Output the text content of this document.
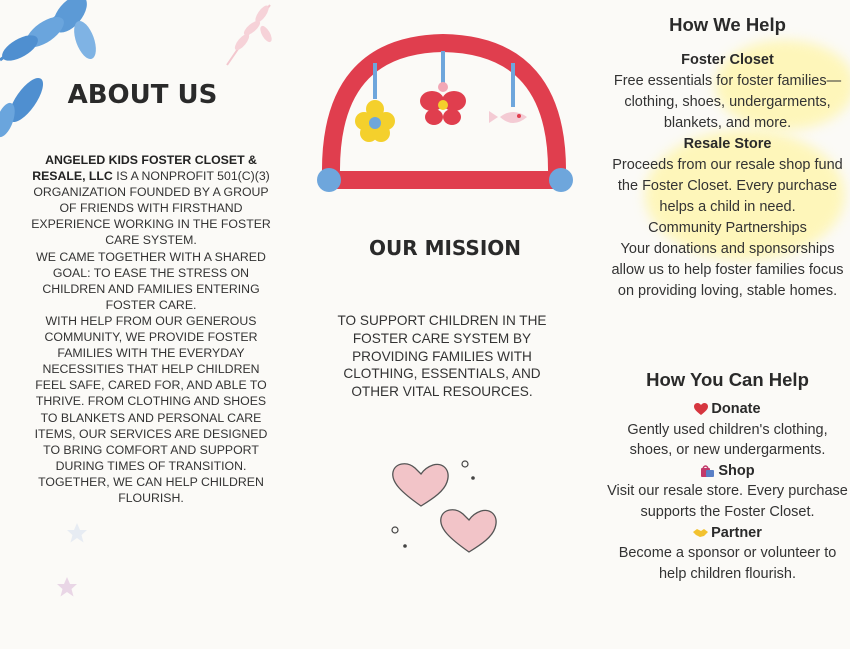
ABOUT US

ANGELED KIDS FOSTER CLOSET & RESALE, LLC IS A NONPROFIT 501(C)(3) ORGANIZATION FOUNDED BY A GROUP OF FRIENDS WITH FIRSTHAND EXPERIENCE WORKING IN THE FOSTER CARE SYSTEM.

WE CAME TOGETHER WITH A SHARED GOAL: TO EASE THE STRESS ON CHILDREN AND FAMILIES ENTERING FOSTER CARE.

WITH HELP FROM OUR GENEROUS COMMUNITY, WE PROVIDE FOSTER FAMILIES WITH THE EVERYDAY NECESSITIES THAT HELP CHILDREN FEEL SAFE, CARED FOR, AND ABLE TO THRIVE. FROM CLOTHING AND SHOES TO BLANKETS AND PERSONAL CARE ITEMS, OUR SERVICES ARE DESIGNED TO BRING COMFORT AND SUPPORT DURING TIMES OF TRANSITION.

TOGETHER, WE CAN HELP CHILDREN FLOURISH.

OUR MISSION
TO SUPPORT CHILDREN IN THE FOSTER CARE SYSTEM BY PROVIDING FAMILIES WITH CLOTHING, ESSENTIALS, AND OTHER VITAL RESOURCES.
How We Help
Foster Closet
Free essentials for foster families—clothing, shoes, undergarments, blankets, and more.
Resale Store
Proceeds from our resale shop fund the Foster Closet. Every purchase helps a child in need.
Community Partnerships
Your donations and sponsorships allow us to help foster families focus on providing loving, stable homes.
How You Can Help
Donate
Gently used children's clothing, shoes, or new undergarments.
Shop
Visit our resale store. Every purchase supports the Foster Closet.
Partner
Become a sponsor or volunteer to help children flourish.
